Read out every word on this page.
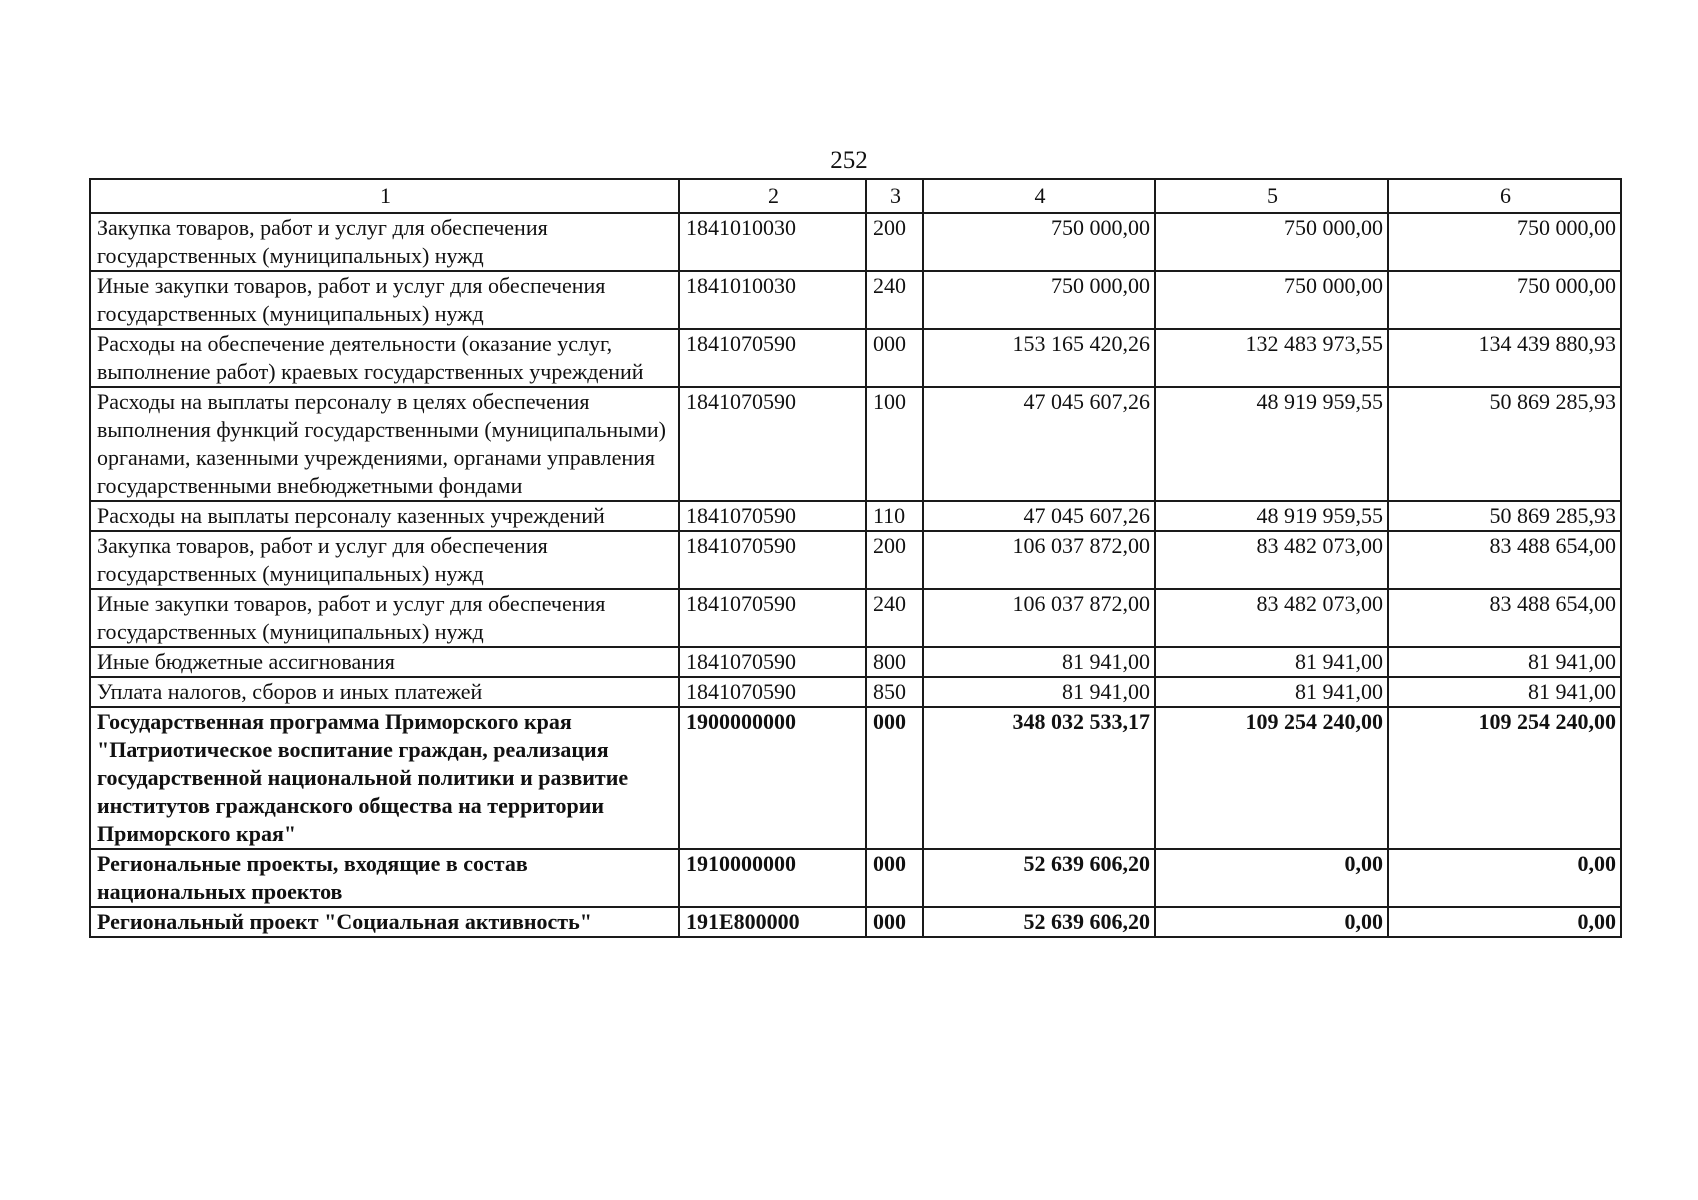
252
1	2	3	4	5	6
Закупка товаров, работ и услуг для обеспечения государственных (муниципальных) нужд	1841010030	200	750 000,00	750 000,00	750 000,00
Иные закупки товаров, работ и услуг для обеспечения государственных (муниципальных) нужд	1841010030	240	750 000,00	750 000,00	750 000,00
Расходы на обеспечение деятельности (оказание услуг, выполнение работ) краевых государственных учреждений	1841070590	000	153 165 420,26	132 483 973,55	134 439 880,93
Расходы на выплаты персоналу в целях обеспечения выполнения функций государственными (муниципальными) органами, казенными учреждениями, органами управления государственными внебюджетными фондами	1841070590	100	47 045 607,26	48 919 959,55	50 869 285,93
Расходы на выплаты персоналу казенных учреждений	1841070590	110	47 045 607,26	48 919 959,55	50 869 285,93
Закупка товаров, работ и услуг для обеспечения государственных (муниципальных) нужд	1841070590	200	106 037 872,00	83 482 073,00	83 488 654,00
Иные закупки товаров, работ и услуг для обеспечения государственных (муниципальных) нужд	1841070590	240	106 037 872,00	83 482 073,00	83 488 654,00
Иные бюджетные ассигнования	1841070590	800	81 941,00	81 941,00	81 941,00
Уплата налогов, сборов и иных платежей	1841070590	850	81 941,00	81 941,00	81 941,00
Государственная программа Приморского края "Патриотическое воспитание граждан, реализация государственной национальной политики и развитие институтов гражданского общества на территории Приморского края"	1900000000	000	348 032 533,17	109 254 240,00	109 254 240,00
Региональные проекты, входящие в состав национальных проектов	1910000000	000	52 639 606,20	0,00	0,00
Региональный проект "Социальная активность"	191E800000	000	52 639 606,20	0,00	0,00
